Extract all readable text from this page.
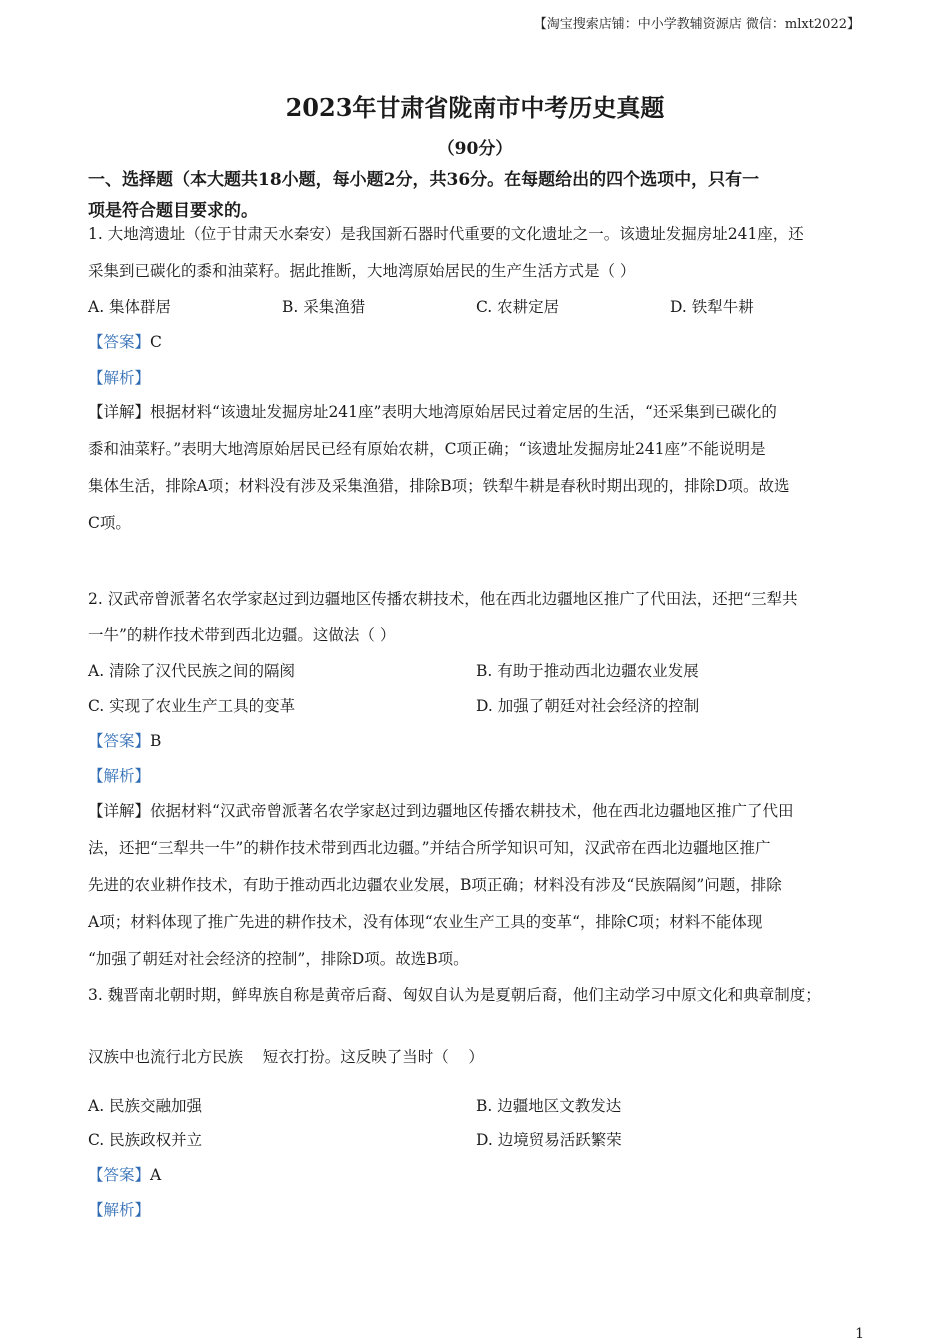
【淘宝搜索店铺：中小学教辅资源店 微信：mlxt2022】
2023年甘肃省陇南市中考历史真题
（90分）
一、选择题（本大题共18小题，每小题2分，共36分。在每题给出的四个选项中，只有一
项是符合题目要求的。
1. 大地湾遗址（位于甘肃天水秦安）是我国新石器时代重要的文化遗址之一。该遗址发掘房址241座，还
采集到已碳化的黍和油菜籽。据此推断，大地湾原始居民的生产生活方式是（ ）
A. 集体群居	B. 采集渔猎	C. 农耕定居	D. 铁犁牛耕
【答案】C
【解析】
【详解】根据材料“该遗址发掘房址241座”表明大地湾原始居民过着定居的生活，“还采集到已碳化的
黍和油菜籽。”表明大地湾原始居民已经有原始农耕，C项正确；“该遗址发掘房址241座”不能说明是
集体生活，排除A项；材料没有涉及采集渔猎，排除B项；铁犁牛耕是春秋时期出现的，排除D项。故选
C项。
2. 汉武帝曾派著名农学家赵过到边疆地区传播农耕技术，他在西北边疆地区推广了代田法，还把“三犁共
一牛”的耕作技术带到西北边疆。这做法（ ）
A. 清除了汉代民族之间的隔阂	B. 有助于推动西北边疆农业发展
C. 实现了农业生产工具的变革	D. 加强了朝廷对社会经济的控制
【答案】B
【解析】
【详解】依据材料“汉武帝曾派著名农学家赵过到边疆地区传播农耕技术，他在西北边疆地区推广了代田
法，还把“三犁共一牛”的耕作技术带到西北边疆。”并结合所学知识可知，汉武帝在西北边疆地区推广
先进的农业耕作技术，有助于推动西北边疆农业发展，B项正确；材料没有涉及“民族隔阂”问题，排除
A项；材料体现了推广先进的耕作技术，没有体现“农业生产工具的变革“，排除C项；材料不能体现
“加强了朝廷对社会经济的控制”，排除D项。故选B项。
3. 魏晋南北朝时期，鲜卑族自称是黄帝后裔、匈奴自认为是夏朝后裔，他们主动学习中原文化和典章制度；
汉族中也流行北方民族    短衣打扮。这反映了当时（    ）
A. 民族交融加强	B. 边疆地区文教发达
C. 民族政权并立	D. 边境贸易活跃繁荣
【答案】A
【解析】
1
